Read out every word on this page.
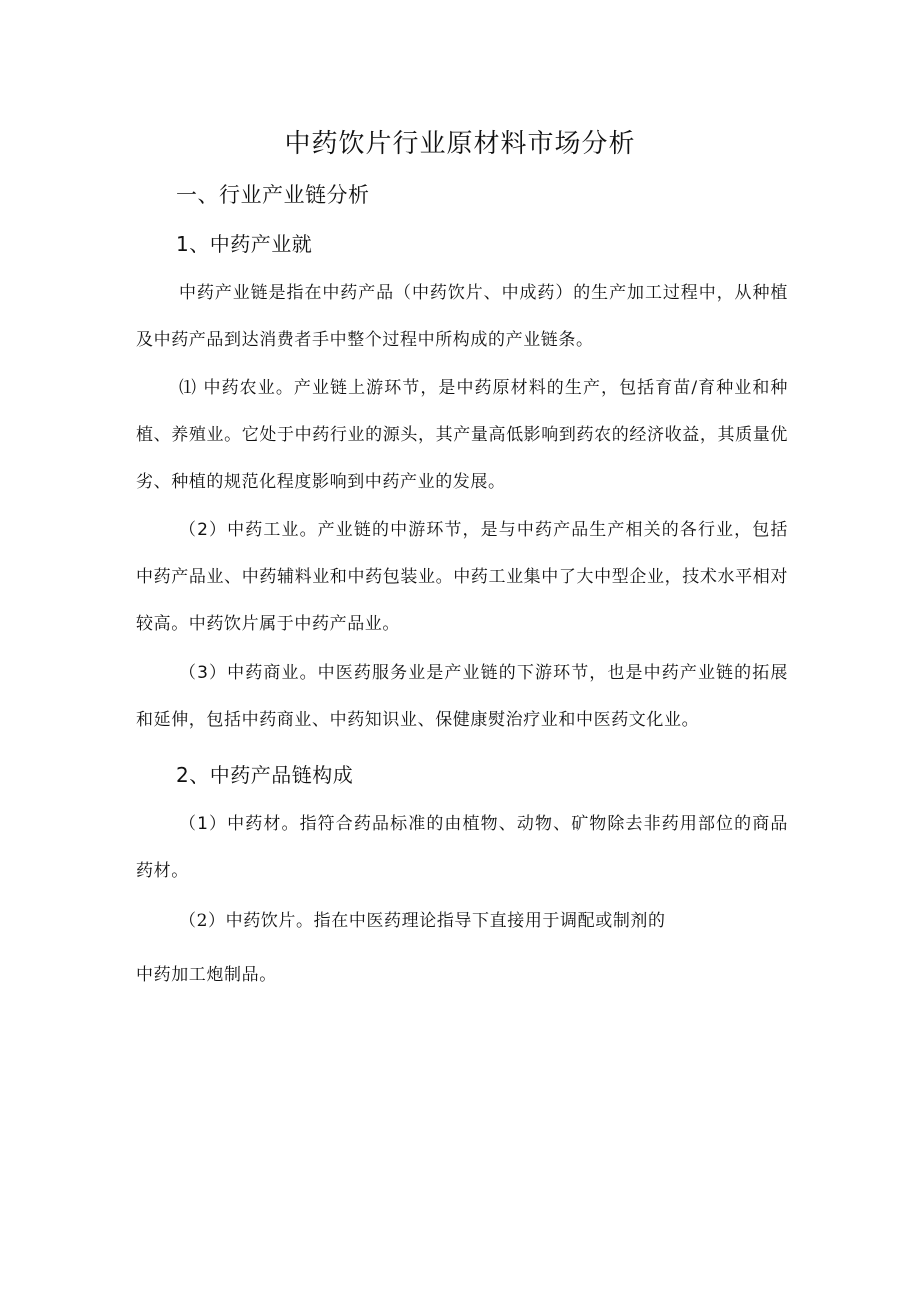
中药饮片行业原材料市场分析
一、行业产业链分析
1、中药产业就

中药产业链是指在中药产品（中药饮片、中成药）的生产加工过程中，从种植及中药产品到达消费者手中整个过程中所构成的产业链条。

⑴ 中药农业。产业链上游环节，是中药原材料的生产，包括育苗/育种业和种植、养殖业。它处于中药行业的源头，其产量高低影响到药农的经济收益，其质量优劣、种植的规范化程度影响到中药产业的发展。

（2）中药工业。产业链的中游环节，是与中药产品生产相关的各行业，包括中药产品业、中药辅料业和中药包装业。中药工业集中了大中型企业，技术水平相对较高。中药饮片属于中药产品业。

（3）中药商业。中医药服务业是产业链的下游环节，也是中药产业链的拓展和延伸，包括中药商业、中药知识业、保健康熨治疗业和中医药文化业。

2、中药产品链构成

（1）中药材。指符合药品标准的由植物、动物、矿物除去非药用部位的商品药材。

（2）中药饮片。指在中医药理论指导下直接用于调配或制剂的

中药加工炮制品。
